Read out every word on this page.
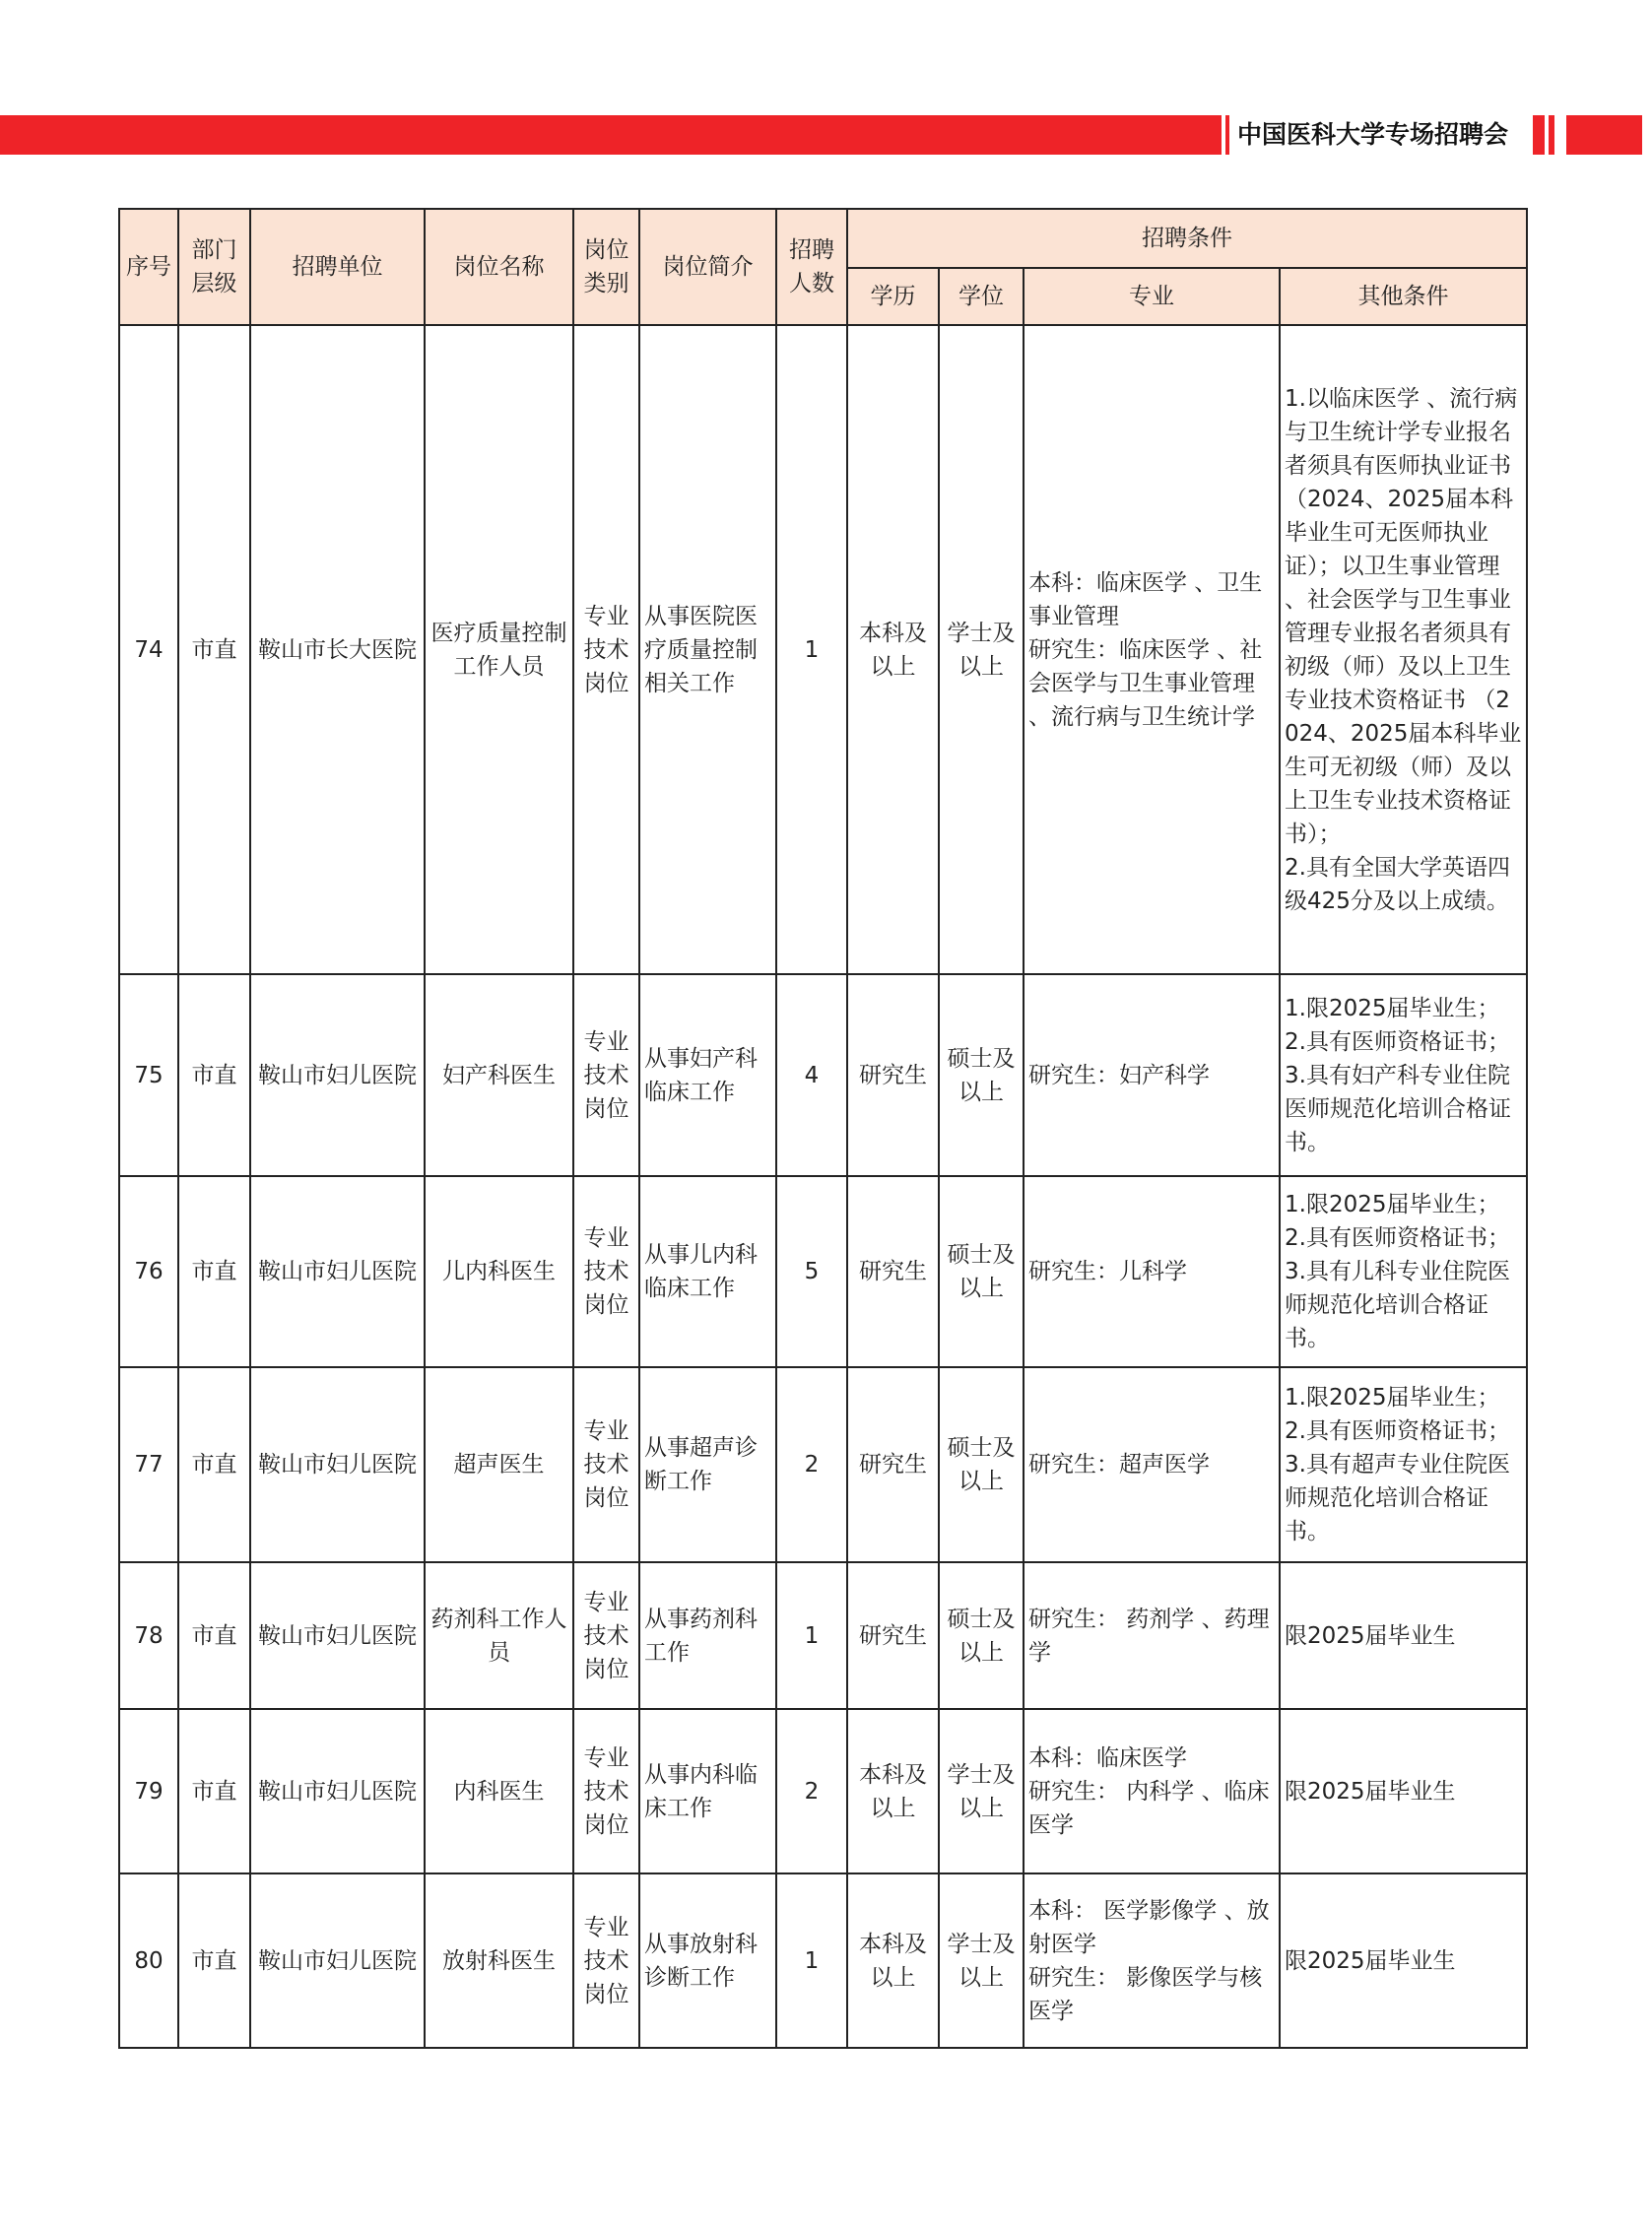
中国医科大学专场招聘会
序号	部门层级	招聘单位	岗位名称	岗位类别	岗位简介	招聘人数	招聘条件			
							学历	学位	专业	其他条件
74	市直	鞍山市长大医院	医疗质量控制工作人员	专业技术岗位	从事医院医疗质量控制相关工作	1	本科及以上	学士及以上	本科：临床医学 、卫生事业管理
研究生：临床医学 、社会医学与卫生事业管理 、流行病与卫生统计学	1.以临床医学 、流行病与卫生统计学专业报名者须具有医师执业证书 （2024、2025届本科毕业生可无医师执业证）；以卫生事业管理 、社会医学与卫生事业管理专业报名者须具有初级（师）及以上卫生专业技术资格证书 （2024、2025届本科毕业生可无初级（师）及以上卫生专业技术资格证书）；
2.具有全国大学英语四级425分及以上成绩。
75	市直	鞍山市妇儿医院	妇产科医生	专业技术岗位	从事妇产科临床工作	4	研究生	硕士及以上	研究生：妇产科学	1.限2025届毕业生；
2.具有医师资格证书；
3.具有妇产科专业住院医师规范化培训合格证书。
76	市直	鞍山市妇儿医院	儿内科医生	专业技术岗位	从事儿内科临床工作	5	研究生	硕士及以上	研究生：儿科学	1.限2025届毕业生；
2.具有医师资格证书；
3.具有儿科专业住院医师规范化培训合格证书。
77	市直	鞍山市妇儿医院	超声医生	专业技术岗位	从事超声诊断工作	2	研究生	硕士及以上	研究生：超声医学	1.限2025届毕业生；
2.具有医师资格证书；
3.具有超声专业住院医师规范化培训合格证书。
78	市直	鞍山市妇儿医院	药剂科工作人员	专业技术岗位	从事药剂科工作	1	研究生	硕士及以上	研究生： 药剂学 、药理学	限2025届毕业生
79	市直	鞍山市妇儿医院	内科医生	专业技术岗位	从事内科临床工作	2	本科及以上	学士及以上	本科：临床医学
研究生： 内科学 、临床医学	限2025届毕业生
80	市直	鞍山市妇儿医院	放射科医生	专业技术岗位	从事放射科诊断工作	1	本科及以上	学士及以上	本科： 医学影像学 、放射医学
研究生： 影像医学与核医学	限2025届毕业生
